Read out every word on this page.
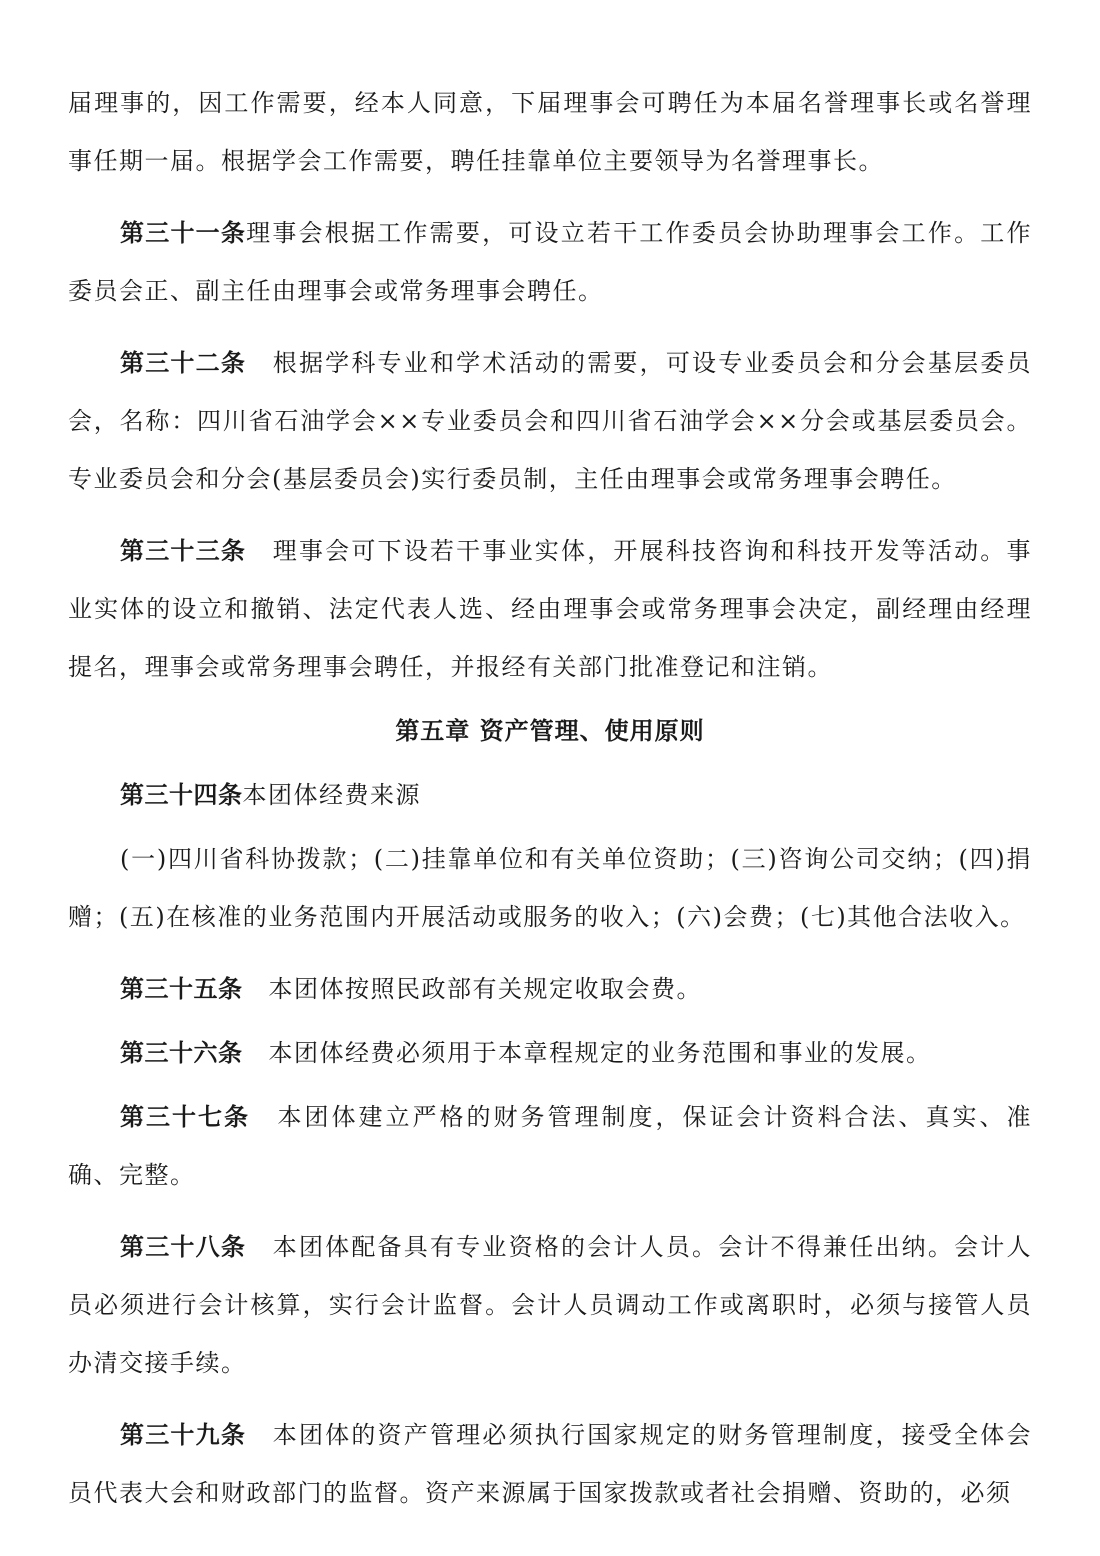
届理事的，因工作需要，经本人同意，下届理事会可聘任为本届名誉理事长或名誉理事任期一届。根据学会工作需要，聘任挂靠单位主要领导为名誉理事长。

第三十一条理事会根据工作需要，可设立若干工作委员会协助理事会工作。工作委员会正、副主任由理事会或常务理事会聘任。

第三十二条 根据学科专业和学术活动的需要，可设专业委员会和分会基层委员会，名称：四川省石油学会××专业委员会和四川省石油学会××分会或基层委员会。专业委员会和分会(基层委员会)实行委员制，主任由理事会或常务理事会聘任。

第三十三条 理事会可下设若干事业实体，开展科技咨询和科技开发等活动。事业实体的设立和撤销、法定代表人选、经由理事会或常务理事会决定，副经理由经理提名，理事会或常务理事会聘任，并报经有关部门批准登记和注销。

第五章 资产管理、使用原则

第三十四条本团体经费来源

(一)四川省科协拨款；(二)挂靠单位和有关单位资助；(三)咨询公司交纳；(四)捐赠；(五)在核准的业务范围内开展活动或服务的收入；(六)会费；(七)其他合法收入。

第三十五条 本团体按照民政部有关规定收取会费。

第三十六条 本团体经费必须用于本章程规定的业务范围和事业的发展。

第三十七条 本团体建立严格的财务管理制度，保证会计资料合法、真实、准确、完整。

第三十八条 本团体配备具有专业资格的会计人员。会计不得兼任出纳。会计人员必须进行会计核算，实行会计监督。会计人员调动工作或离职时，必须与接管人员办清交接手续。

第三十九条 本团体的资产管理必须执行国家规定的财务管理制度，接受全体会员代表大会和财政部门的监督。资产来源属于国家拨款或者社会捐赠、资助的，必须
